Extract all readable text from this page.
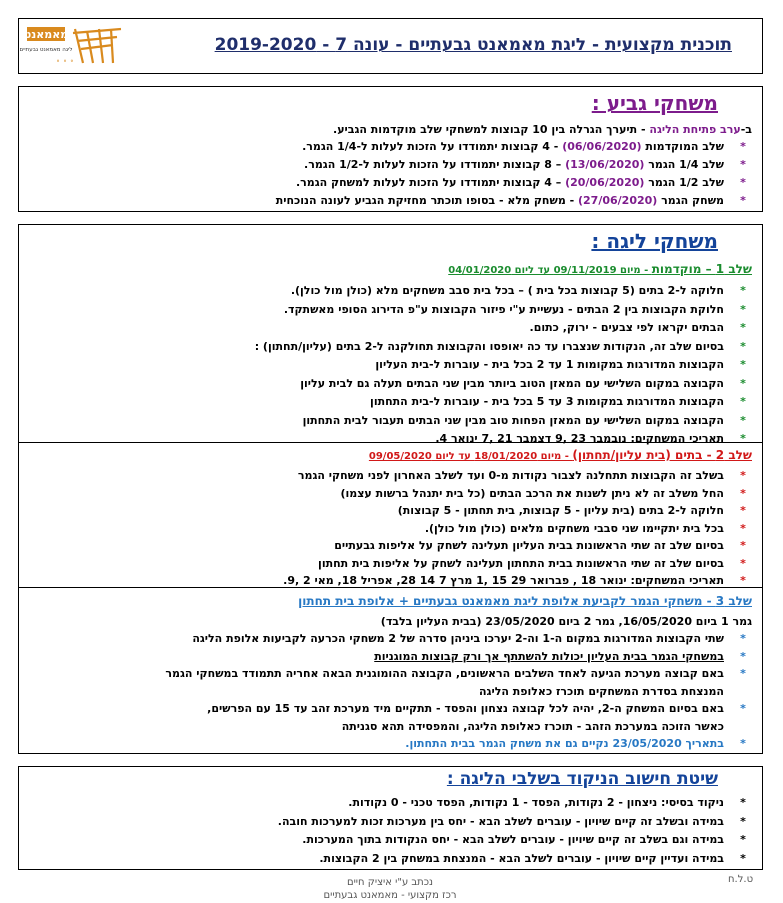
מאמאנט
ליגה מאמאנט גבעתיים
⚬ ⚬ ⚬
תוכנית מקצועית - ליגת מאמאנט גבעתיים - עונה 7 - 2019-2020
משחקי גביע :
ב-ערב פתיחת הליגה - תיערך הגרלה בין 10 קבוצות למשחקי שלב מוקדמות הגביע.
*
שלב המוקדמות (06/06/2020) - 4 קבוצות יתמודדו על הזכות לעלות ל-1/4 הגמר.
*
שלב 1/4 הגמר (13/06/2020) – 8 קבוצות יתמודדו על הזכות לעלות ל-1/2 הגמר.
*
שלב 1/2 הגמר (20/06/2020) – 4 קבוצות יתמודדו על הזכות לעלות למשחק הגמר.
*
משחק הגמר (27/06/2020) - משחק מלא - בסופו תוכתר מחזיקת הגביע לעונה הנוכחית
משחקי ליגה :
שלב 1 – מוקדמות - מיום 09/11/2019 עד ליום 04/01/2020
*
חלוקה ל-2 בתים (5 קבוצות בכל בית ) – בכל בית סבב משחקים מלא (כולן מול כולן).
*
חלוקת הקבוצות בין 2 הבתים - נעשיית ע"י פיזור הקבוצות ע"פ הדירוג הסופי מאשתקד.
*
הבתים יקראו לפי צבעים - ירוק, כתום.
*
בסיום שלב זה, הנקודות שנצברו עד כה יאופסו והקבוצות תחולקנה ל-2 בתים (עליון/תחתון) :
*
הקבוצות המדורגות במקומות 1 עד 2 בכל בית - עוברות ל-בית העליון
*
הקבוצה במקום השלישי עם המאזן הטוב ביותר מבין שני הבתים תעלה גם לבית עליון
*
הקבוצות המדורגות במקומות 3 עד 5 בכל בית - עוברות ל-בית התחתון
*
הקבוצה במקום השלישי עם המאזן הפחות טוב מבין שני הבתים תעבור לבית התחתון
*
תאריכי המשחקים: נובמבר 23 ,9 דצמבר 21 ,7 ינואר 4.
שלב 2 - בתים (בית עליון/תחתון) - מיום 18/01/2020 עד ליום 09/05/2020
*
בשלב זה הקבוצות תתחלנה לצבור נקודות מ-0 ועד לשלב האחרון לפני משחקי הגמר
*
החל משלב זה לא ניתן לשנות את הרכב הבתים (כל בית יתנהל ברשות עצמו)
*
חלוקה ל-2 בתים (בית עליון - 5 קבוצות, בית תחתון - 5 קבוצות)
*
בכל בית יתקיימו שני סבבי משחקים מלאים (כולן מול כולן).
*
בסיום שלב זה שתי הראשונות בבית העליון תעלינה לשחק על אליפות גבעתיים
*
בסיום שלב זה שתי הראשונות בבית התחתון תעלינה לשחק על אליפות בית תחתון
*
תאריכי המשחקים: ינואר 18 , פברואר 29 15 ,1 מרץ 7 14 28, אפריל 18, מאי 2 ,9.
שלב 3 - משחקי הגמר לקביעת אלופת ליגת מאמאנט גבעתיים + אלופת בית תחתון
גמר 1 ביום 16/05/2020, גמר 2 ביום 23/05/2020 (בבית העליון בלבד)
*
שתי הקבוצות המדורגות במקום ה-1 וה-2 יערכו ביניהן סדרה של 2 משחקי הכרעה לקביעות אלופת הליגה
*
במשחקי הגמר בבית העליון יכולות להשתתף אך ורק קבוצות המוגניות
*
באם קבוצה מערכת הגיעה לאחד השלבים הראשונים, הקבוצה ההומוגנית הבאה אחריה תתמודד במשחקי הגמר
המנצחת בסדרת המשחקים תוכרז כאלופת הליגה
*
באם בסיום המשחק ה-2, יהיה לכל קבוצה נצחון והפסד - תתקיים מיד מערכת זהב עד 15 עם הפרשים,
כאשר הזוכה במערכת הזהב - תוכרז כאלופת הליגה, והמפסידה תהא סגניתה
*
בתאריך 23/05/2020 נקיים גם את משחק הגמר בבית התחתון.
שיטת חישוב הניקוד בשלבי הליגה :
*
ניקוד בסיסי: ניצחון - 2 נקודות, הפסד - 1 נקודות, הפסד טכני - 0 נקודות.
*
במידה ובשלב זה קיים שיויון - עוברים לשלב הבא - יחס בין מערכות זכות למערכות חובה.
*
במידה וגם בשלב זה קיים שיויון - עוברים לשלב הבא - יחס הנקודות בתוך המערכות.
*
במידה ועדיין קיים שיויון - עוברים לשלב הבא - המנצחת במשחק בין 2 הקבוצות.
ט.ל.ח
נכתב ע"י איציק חיים
רכז מקצועי - מאמאנט גבעתיים
